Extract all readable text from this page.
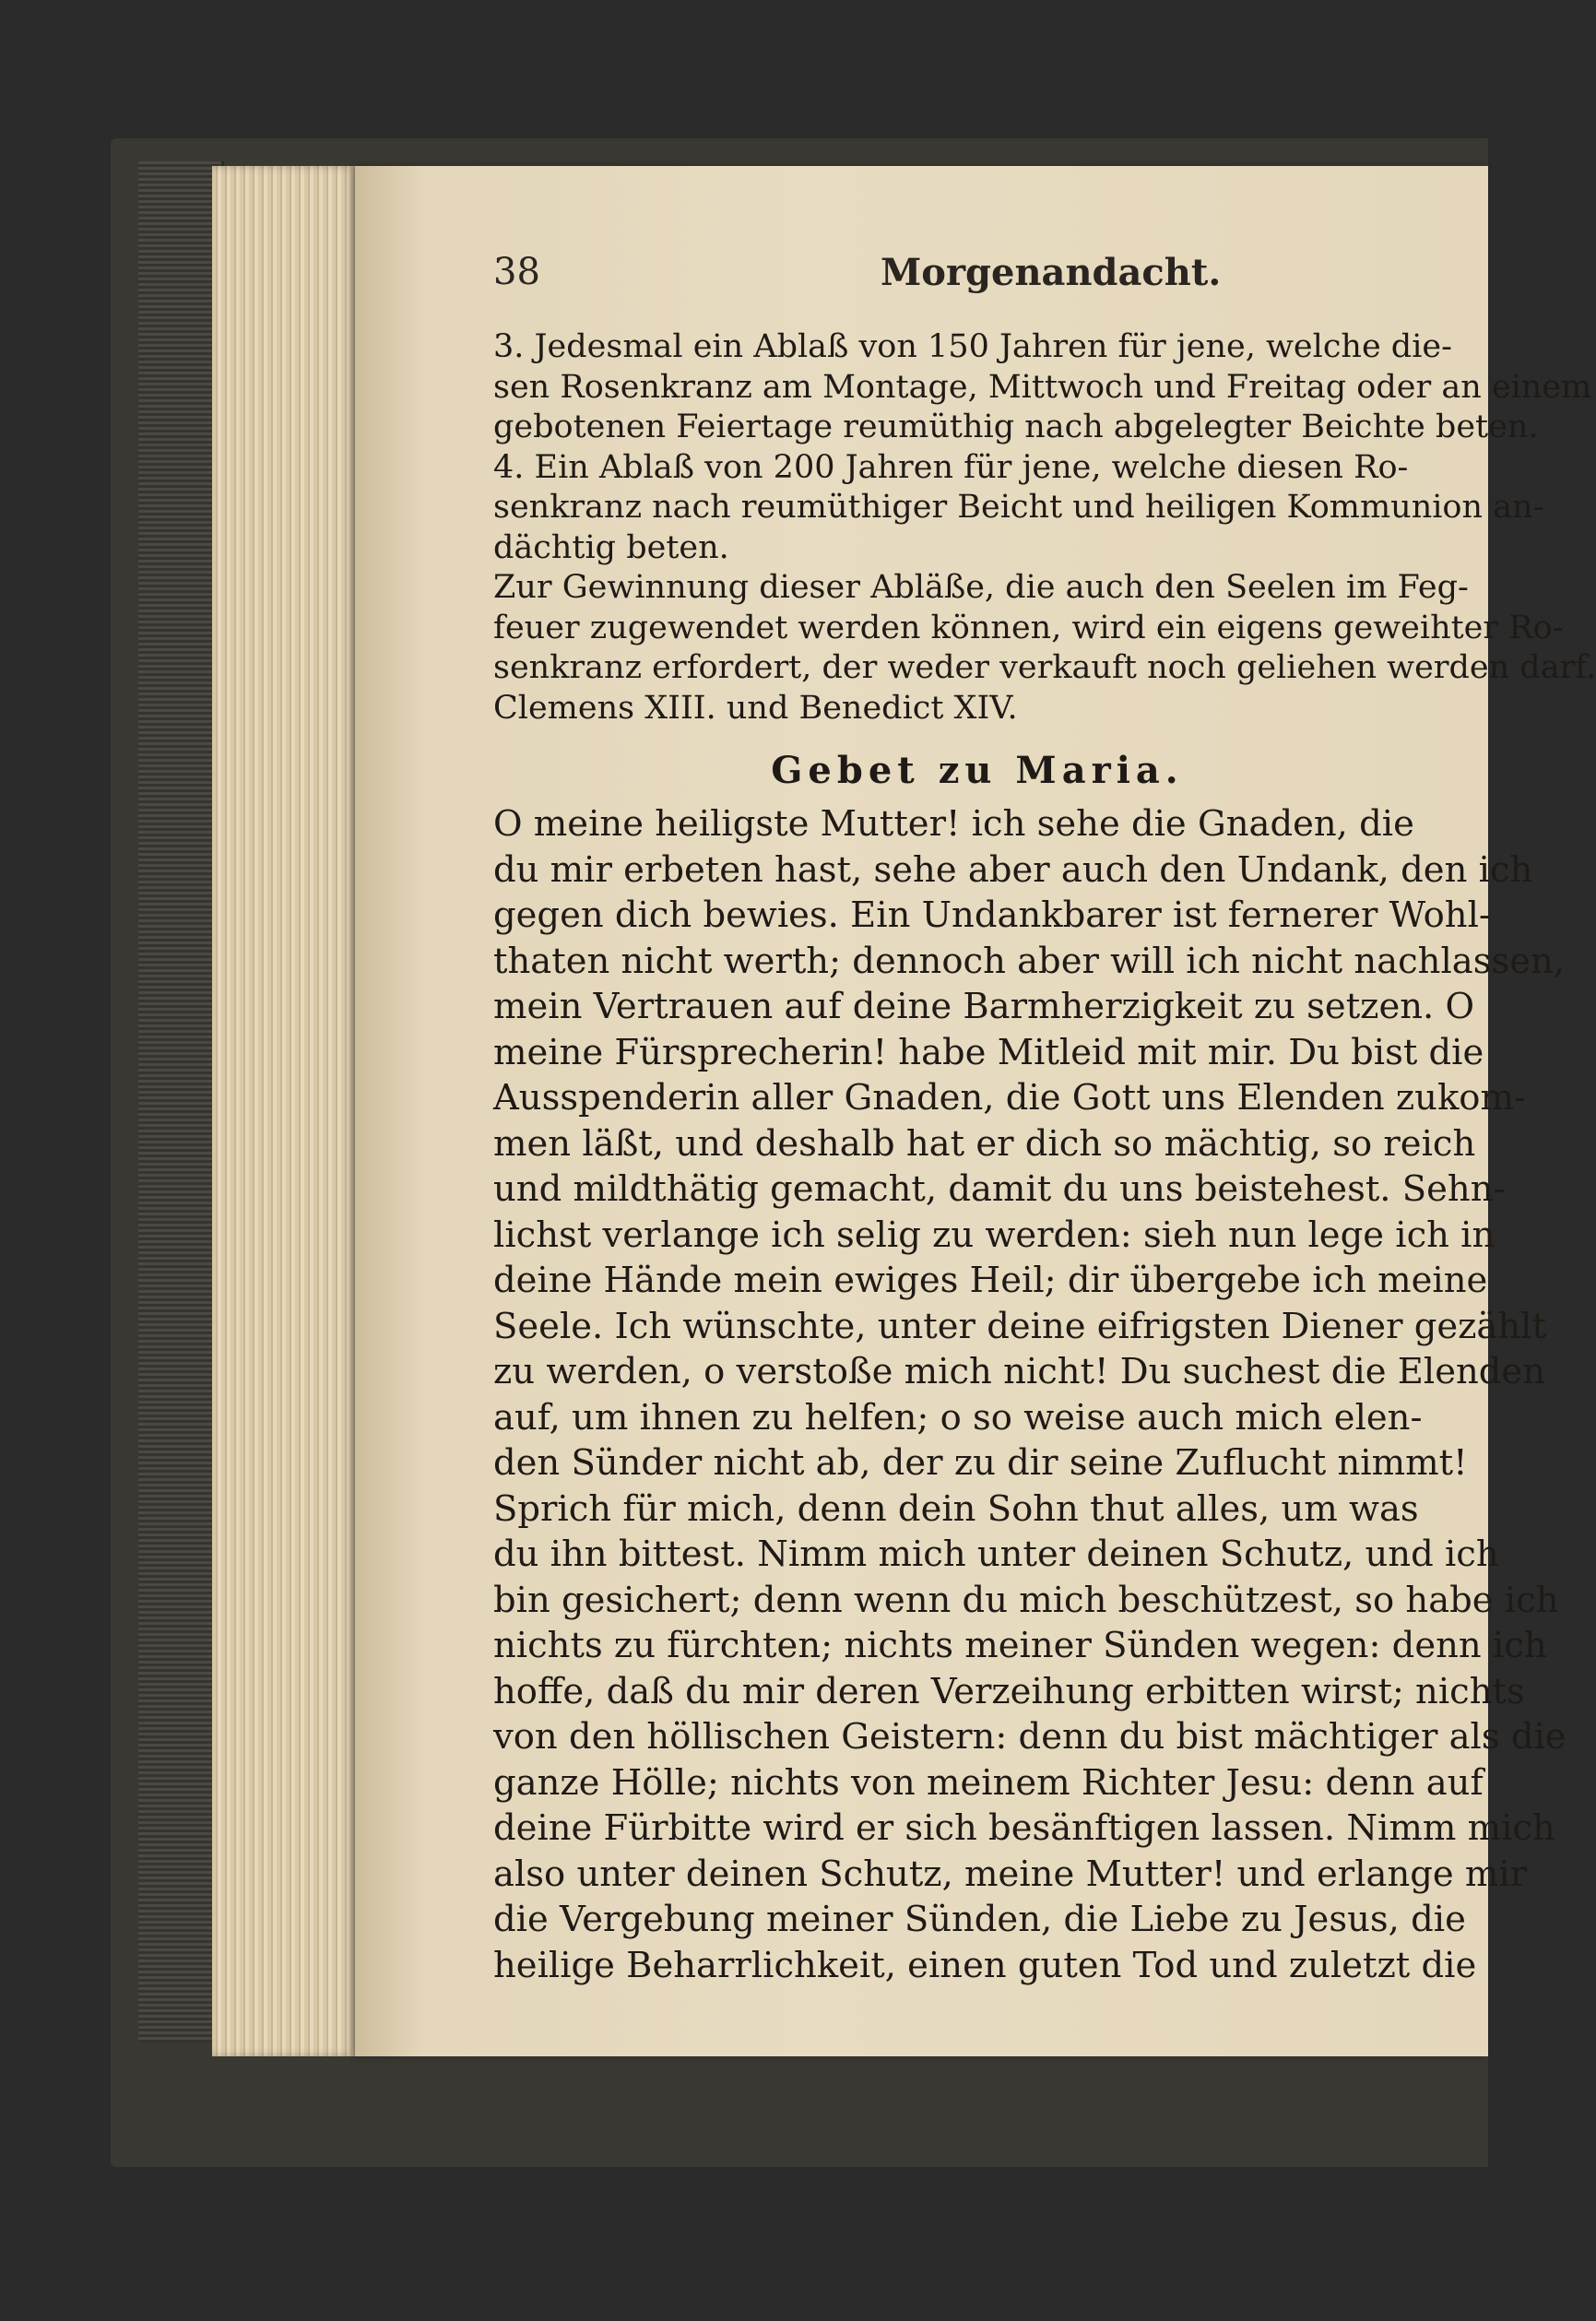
38	Morgenandacht.

3. Jedesmal ein Ablaß von 150 Jahren für jene, welche die-
sen Rosenkranz am Montage, Mittwoch und Freitag oder an einem
gebotenen Feiertage reumüthig nach abgelegter Beichte beten.

4. Ein Ablaß von 200 Jahren für jene, welche diesen Ro-
senkranz nach reumüthiger Beicht und heiligen Kommunion an-
dächtig beten.

Zur Gewinnung dieser Abläße, die auch den Seelen im Feg-
feuer zugewendet werden können, wird ein eigens geweihter Ro-
senkranz erfordert, der weder verkauft noch geliehen werden darf.
Clemens XIII. und Benedict XIV.

Gebet zu Maria.

O meine heiligste Mutter! ich sehe die Gnaden, die
du mir erbeten hast, sehe aber auch den Undank, den ich
gegen dich bewies. Ein Undankbarer ist fernerer Wohl-
thaten nicht werth; dennoch aber will ich nicht nachlassen,
mein Vertrauen auf deine Barmherzigkeit zu setzen. O
meine Fürsprecherin! habe Mitleid mit mir. Du bist die
Ausspenderin aller Gnaden, die Gott uns Elenden zukom-
men läßt, und deshalb hat er dich so mächtig, so reich
und mildthätig gemacht, damit du uns beistehest. Sehn-
lichst verlange ich selig zu werden: sieh nun lege ich in
deine Hände mein ewiges Heil; dir übergebe ich meine
Seele. Ich wünschte, unter deine eifrigsten Diener gezählt
zu werden, o verstoße mich nicht! Du suchest die Elenden
auf, um ihnen zu helfen; o so weise auch mich elen-
den Sünder nicht ab, der zu dir seine Zuflucht nimmt!
Sprich für mich, denn dein Sohn thut alles, um was
du ihn bittest. Nimm mich unter deinen Schutz, und ich
bin gesichert; denn wenn du mich beschützest, so habe ich
nichts zu fürchten; nichts meiner Sünden wegen: denn ich
hoffe, daß du mir deren Verzeihung erbitten wirst; nichts
von den höllischen Geistern: denn du bist mächtiger als die
ganze Hölle; nichts von meinem Richter Jesu: denn auf
deine Fürbitte wird er sich besänftigen lassen. Nimm mich
also unter deinen Schutz, meine Mutter! und erlange mir
die Vergebung meiner Sünden, die Liebe zu Jesus, die
heilige Beharrlichkeit, einen guten Tod und zuletzt die
